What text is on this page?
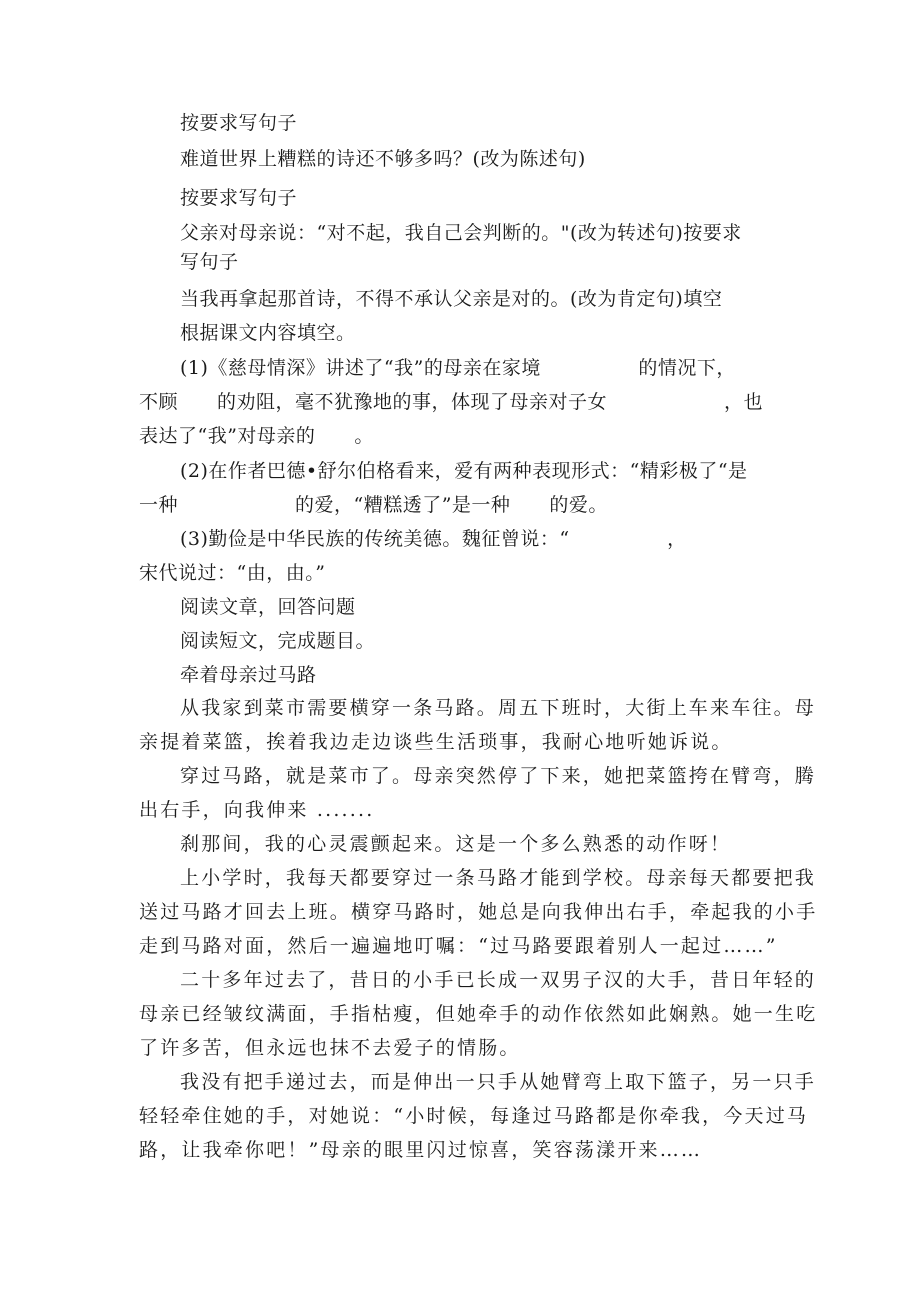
按要求写句子
难道世界上糟糕的诗还不够多吗？(改为陈述句)
按要求写句子
父亲对母亲说：“对不起，我自己会判断的。"(改为转述句)按要求
写句子
当我再拿起那首诗，不得不承认父亲是对的。(改为肯定句)填空
根据课文内容填空。
(1)《慈母情深》讲述了“我”的母亲在家境　　　　　的情况下，
不顾　　的劝阻，毫不犹豫地的事，体现了母亲对子女　　　　　　，也
表达了“我”对母亲的　　。
(2)在作者巴德•舒尔伯格看来，爱有两种表现形式：“精彩极了“是
一种　　　　　　的爱，“糟糕透了”是一种　　的爱。
(3)勤俭是中华民族的传统美德。魏征曾说：“　　　　　，
宋代说过：“由，由。”
阅读文章，回答问题
阅读短文，完成题目。
牵着母亲过马路
从我家到菜市需要横穿一条马路。周五下班时，大街上车来车往。母
亲提着菜篮，挨着我边走边谈些生活琐事，我耐心地听她诉说。
穿过马路，就是菜市了。母亲突然停了下来，她把菜篮挎在臂弯，腾
出右手，向我伸来 .......
刹那间，我的心灵震颤起来。这是一个多么熟悉的动作呀！
上小学时，我每天都要穿过一条马路才能到学校。母亲每天都要把我
送过马路才回去上班。横穿马路时，她总是向我伸出右手，牵起我的小手
走到马路对面，然后一遍遍地叮嘱：“过马路要跟着别人一起过……”
二十多年过去了，昔日的小手已长成一双男子汉的大手，昔日年轻的
母亲已经皱纹满面，手指枯瘦，但她牵手的动作依然如此娴熟。她一生吃
了许多苦，但永远也抹不去爱子的情肠。
我没有把手递过去，而是伸出一只手从她臂弯上取下篮子，另一只手
轻轻牵住她的手，对她说：“小时候，每逢过马路都是你牵我，今天过马
路，让我牵你吧！”母亲的眼里闪过惊喜，笑容荡漾开来……
